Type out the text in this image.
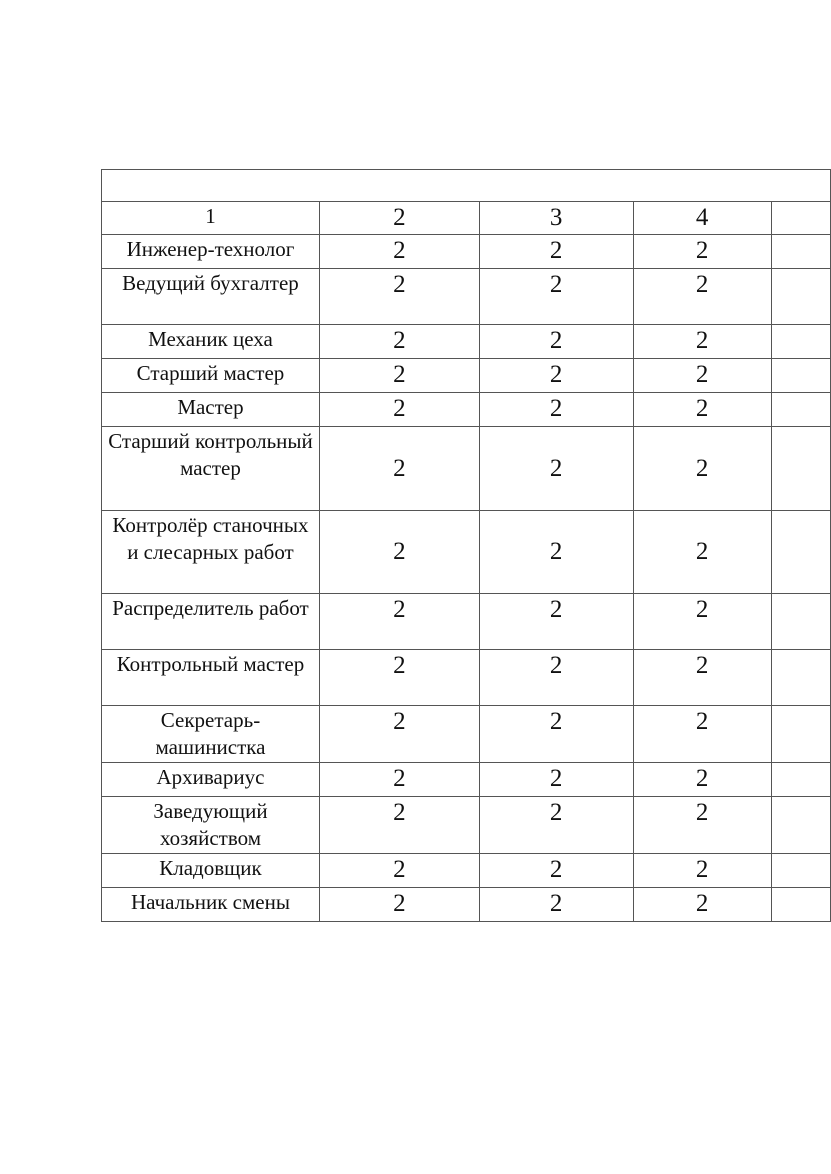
1	2	3	4	
Инженер-технолог	2	2	2	
Ведущий бухгалтер	2	2	2	
Механик цеха	2	2	2	
Старший мастер	2	2	2	
Мастер	2	2	2	
Старший контрольный мастер	2	2	2	
Контролёр станочных и слесарных работ	2	2	2	
Распределитель работ	2	2	2	
Контрольный мастер	2	2	2	
Секретарь-машинистка	2	2	2	
Архивариус	2	2	2	
Заведующий хозяйством	2	2	2	
Кладовщик	2	2	2	
Начальник смены	2	2	2	
